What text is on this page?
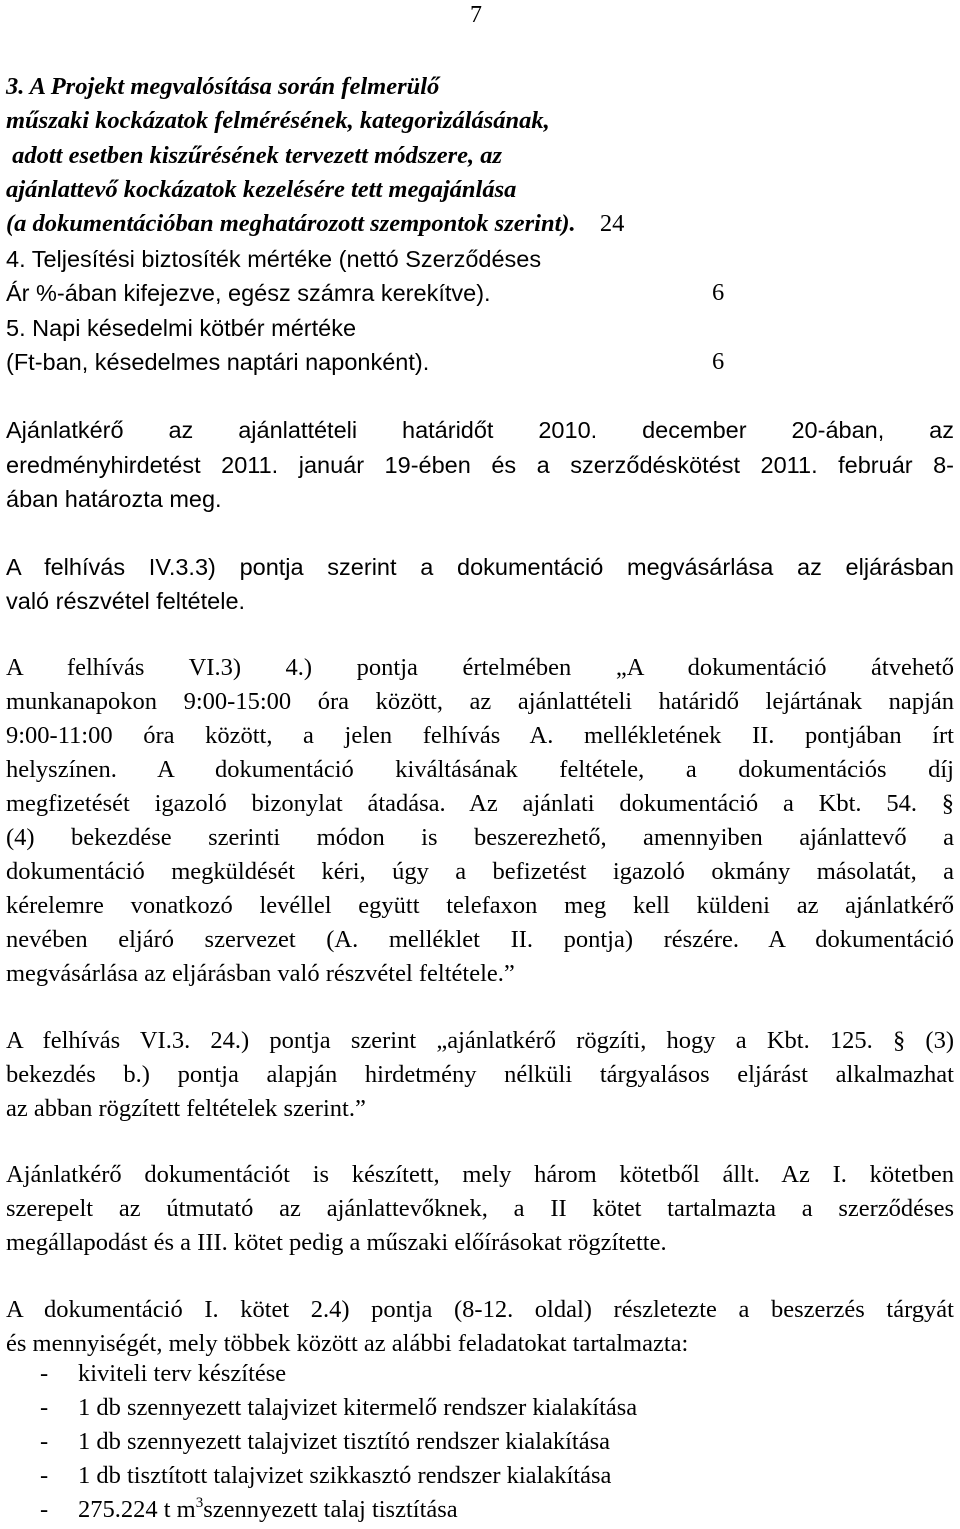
7
3. A Projekt megvalósítása során felmerülő
műszaki kockázatok felmérésének, kategorizálásának,
adott esetben kiszűrésének tervezett módszere, az
ajánlattevő kockázatok kezelésére tett megajánlása
(a dokumentációban meghatározott szempontok szerint). 24
4. Teljesítési biztosíték mértéke (nettó Szerződéses
Ár %-ában kifejezve, egész számra kerekítve).	6
5. Napi késedelmi kötbér mértéke
(Ft-ban, késedelmes naptári naponként).	6
Ajánlatkérő az ajánlattételi határidőt 2010. december 20-ában, az
eredményhirdetést 2011. január 19-ében és a szerződéskötést 2011. február 8-
ában határozta meg.
A felhívás IV.3.3) pontja szerint a dokumentáció megvásárlása az eljárásban
való részvétel feltétele.
A felhívás VI.3) 4.) pontja értelmében „A dokumentáció átvehető
munkanapokon 9:00-15:00 óra között, az ajánlattételi határidő lejártának napján
9:00-11:00 óra között, a jelen felhívás A. mellékletének II. pontjában írt
helyszínen. A dokumentáció kiváltásának feltétele, a dokumentációs díj
megfizetését igazoló bizonylat átadása. Az ajánlati dokumentáció a Kbt. 54. §
(4) bekezdése szerinti módon is beszerezhető, amennyiben ajánlattevő a
dokumentáció megküldését kéri, úgy a befizetést igazoló okmány másolatát, a
kérelemre vonatkozó levéllel együtt telefaxon meg kell küldeni az ajánlatkérő
nevében eljáró szervezet (A. melléklet II. pontja) részére. A dokumentáció
megvásárlása az eljárásban való részvétel feltétele.”
A felhívás VI.3. 24.) pontja szerint „ajánlatkérő rögzíti, hogy a Kbt. 125. § (3)
bekezdés b.) pontja alapján hirdetmény nélküli tárgyalásos eljárást alkalmazhat
az abban rögzített feltételek szerint.”
Ajánlatkérő dokumentációt is készített, mely három kötetből állt. Az I. kötetben
szerepelt az útmutató az ajánlattevőknek, a II kötet tartalmazta a szerződéses
megállapodást és a III. kötet pedig a műszaki előírásokat rögzítette.
A dokumentáció I. kötet 2.4) pontja (8-12. oldal) részletezte a beszerzés tárgyát
és mennyiségét, mely többek között az alábbi feladatokat tartalmazta:
- kiviteli terv készítése
- 1 db szennyezett talajvizet kitermelő rendszer kialakítása
- 1 db szennyezett talajvizet tisztító rendszer kialakítása
- 1 db tisztított talajvizet szikkasztó rendszer kialakítása
- 275.224 t $m^3szennyezett$ talaj tisztítása
